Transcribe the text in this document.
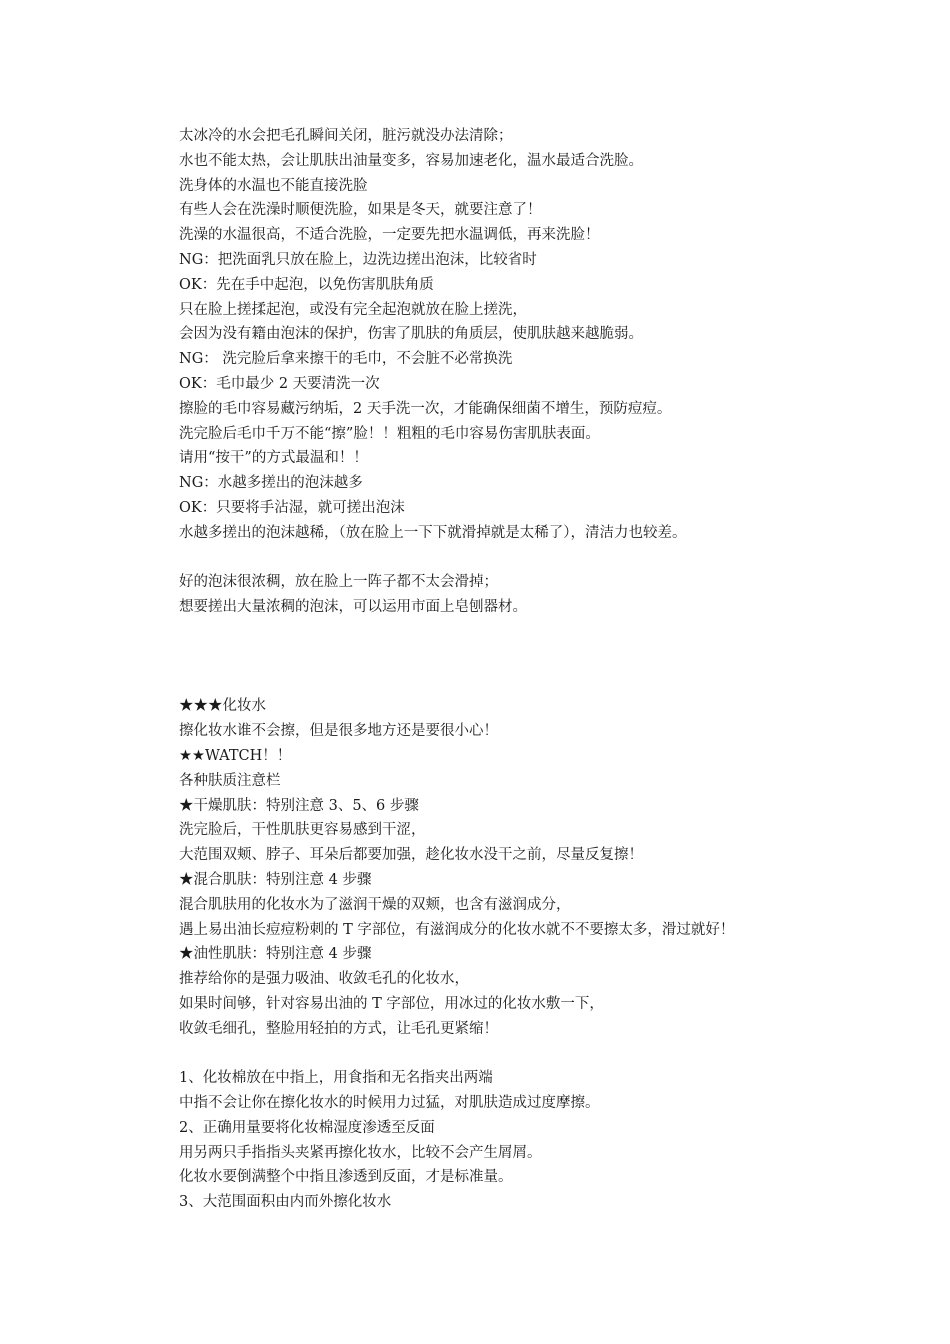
太冰冷的水会把毛孔瞬间关闭，脏污就没办法清除；
水也不能太热，会让肌肤出油量变多，容易加速老化，温水最适合洗脸。
洗身体的水温也不能直接洗脸
有些人会在洗澡时顺便洗脸，如果是冬天，就要注意了！
洗澡的水温很高，不适合洗脸，一定要先把水温调低，再来洗脸！
NG：把洗面乳只放在脸上，边洗边搓出泡沫，比较省时
OK：先在手中起泡，以免伤害肌肤角质
只在脸上搓揉起泡，或没有完全起泡就放在脸上搓洗，
会因为没有籍由泡沫的保护，伤害了肌肤的角质层，使肌肤越来越脆弱。
NG： 洗完脸后拿来擦干的毛巾，不会脏不必常换洗
OK：毛巾最少 2 天要清洗一次
擦脸的毛巾容易藏污纳垢，2 天手洗一次，才能确保细菌不增生，预防痘痘。
洗完脸后毛巾千万不能“擦”脸！！粗粗的毛巾容易伤害肌肤表面。
请用“按干”的方式最温和！！
NG：水越多搓出的泡沫越多
OK：只要将手沾湿，就可搓出泡沫
水越多搓出的泡沫越稀，（放在脸上一下下就滑掉就是太稀了），清洁力也较差。
好的泡沫很浓稠，放在脸上一阵子都不太会滑掉；
想要搓出大量浓稠的泡沫，可以运用市面上皂刨器材。
★★★化妆水
擦化妆水谁不会擦，但是很多地方还是要很小心！
★★WATCH！！
各种肤质注意栏
★干燥肌肤：特别注意 3、5、6 步骤
洗完脸后，干性肌肤更容易感到干涩，
大范围双颊、脖子、耳朵后都要加强，趁化妆水没干之前，尽量反复擦！
★混合肌肤：特别注意 4 步骤
混合肌肤用的化妆水为了滋润干燥的双颊，也含有滋润成分，
遇上易出油长痘痘粉刺的 T 字部位，有滋润成分的化妆水就不不要擦太多，滑过就好！
★油性肌肤：特别注意 4 步骤
推荐给你的是强力吸油、收敛毛孔的化妆水，
如果时间够，针对容易出油的 T 字部位，用冰过的化妆水敷一下，
收敛毛细孔，整脸用轻拍的方式，让毛孔更紧缩！
1、化妆棉放在中指上，用食指和无名指夹出两端
中指不会让你在擦化妆水的时候用力过猛，对肌肤造成过度摩擦。
2、正确用量要将化妆棉湿度渗透至反面
用另两只手指指头夹紧再擦化妆水，比较不会产生屑屑。
化妆水要倒满整个中指且渗透到反面，才是标准量。
3、大范围面积由内而外擦化妆水
